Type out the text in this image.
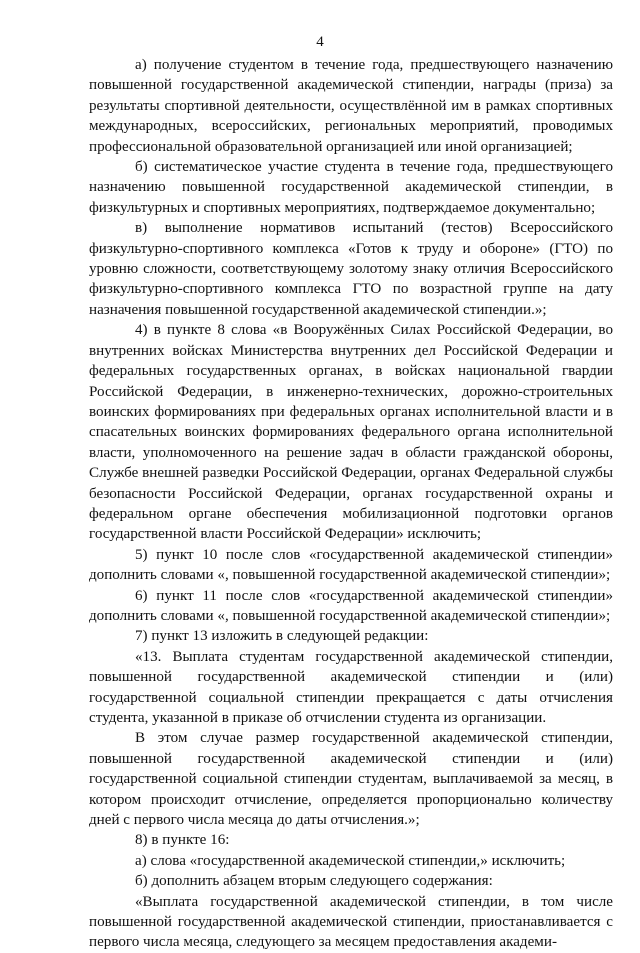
4

а) получение студентом в течение года, предшествующего назначению повышенной государственной академической стипендии, награды (приза) за результаты спортивной деятельности, осуществлённой им в рамках спортивных международных, всероссийских, региональных мероприятий, проводимых профессиональной образовательной организацией или иной организацией;

б) систематическое участие студента в течение года, предшествующего назначению повышенной государственной академической стипендии, в физкультурных и спортивных мероприятиях, подтверждаемое документально;

в) выполнение нормативов испытаний (тестов) Всероссийского физкультурно-спортивного комплекса «Готов к труду и обороне» (ГТО) по уровню сложности, соответствующему золотому знаку отличия Всероссийского физкультурно-спортивного комплекса ГТО по возрастной группе на дату назначения повышенной государственной академической стипендии.»;

4) в пункте 8 слова «в Вооружённых Силах Российской Федерации, во внутренних войсках Министерства внутренних дел Российской Федерации и федеральных государственных органах, в войсках национальной гвардии Российской Федерации, в инженерно-технических, дорожно-строительных воинских формированиях при федеральных органах исполнительной власти и в спасательных воинских формированиях федерального органа исполнительной власти, уполномоченного на решение задач в области гражданской обороны, Службе внешней разведки Российской Федерации, органах Федеральной службы безопасности Российской Федерации, органах государственной охраны и федеральном органе обеспечения мобилизационной подготовки органов государственной власти Российской Федерации» исключить;

5) пункт 10 после слов «государственной академической стипендии» дополнить словами «, повышенной государственной академической стипендии»;

6) пункт 11 после слов «государственной академической стипендии» дополнить словами «, повышенной государственной академической стипендии»;

7) пункт 13 изложить в следующей редакции:

«13. Выплата студентам государственной академической стипендии, повышенной государственной академической стипендии и (или) государственной социальной стипендии прекращается с даты отчисления студента, указанной в приказе об отчислении студента из организации.

В этом случае размер государственной академической стипендии, повышенной государственной академической стипендии и (или) государственной социальной стипендии студентам, выплачиваемой за месяц, в котором происходит отчисление, определяется пропорционально количеству дней с первого числа месяца до даты отчисления.»;

8) в пункте 16:

а) слова «государственной академической стипендии,» исключить;

б) дополнить абзацем вторым следующего содержания:

«Выплата государственной академической стипендии, в том числе повышенной государственной академической стипендии, приостанавливается с первого числа месяца, следующего за месяцем предоставления академи-
